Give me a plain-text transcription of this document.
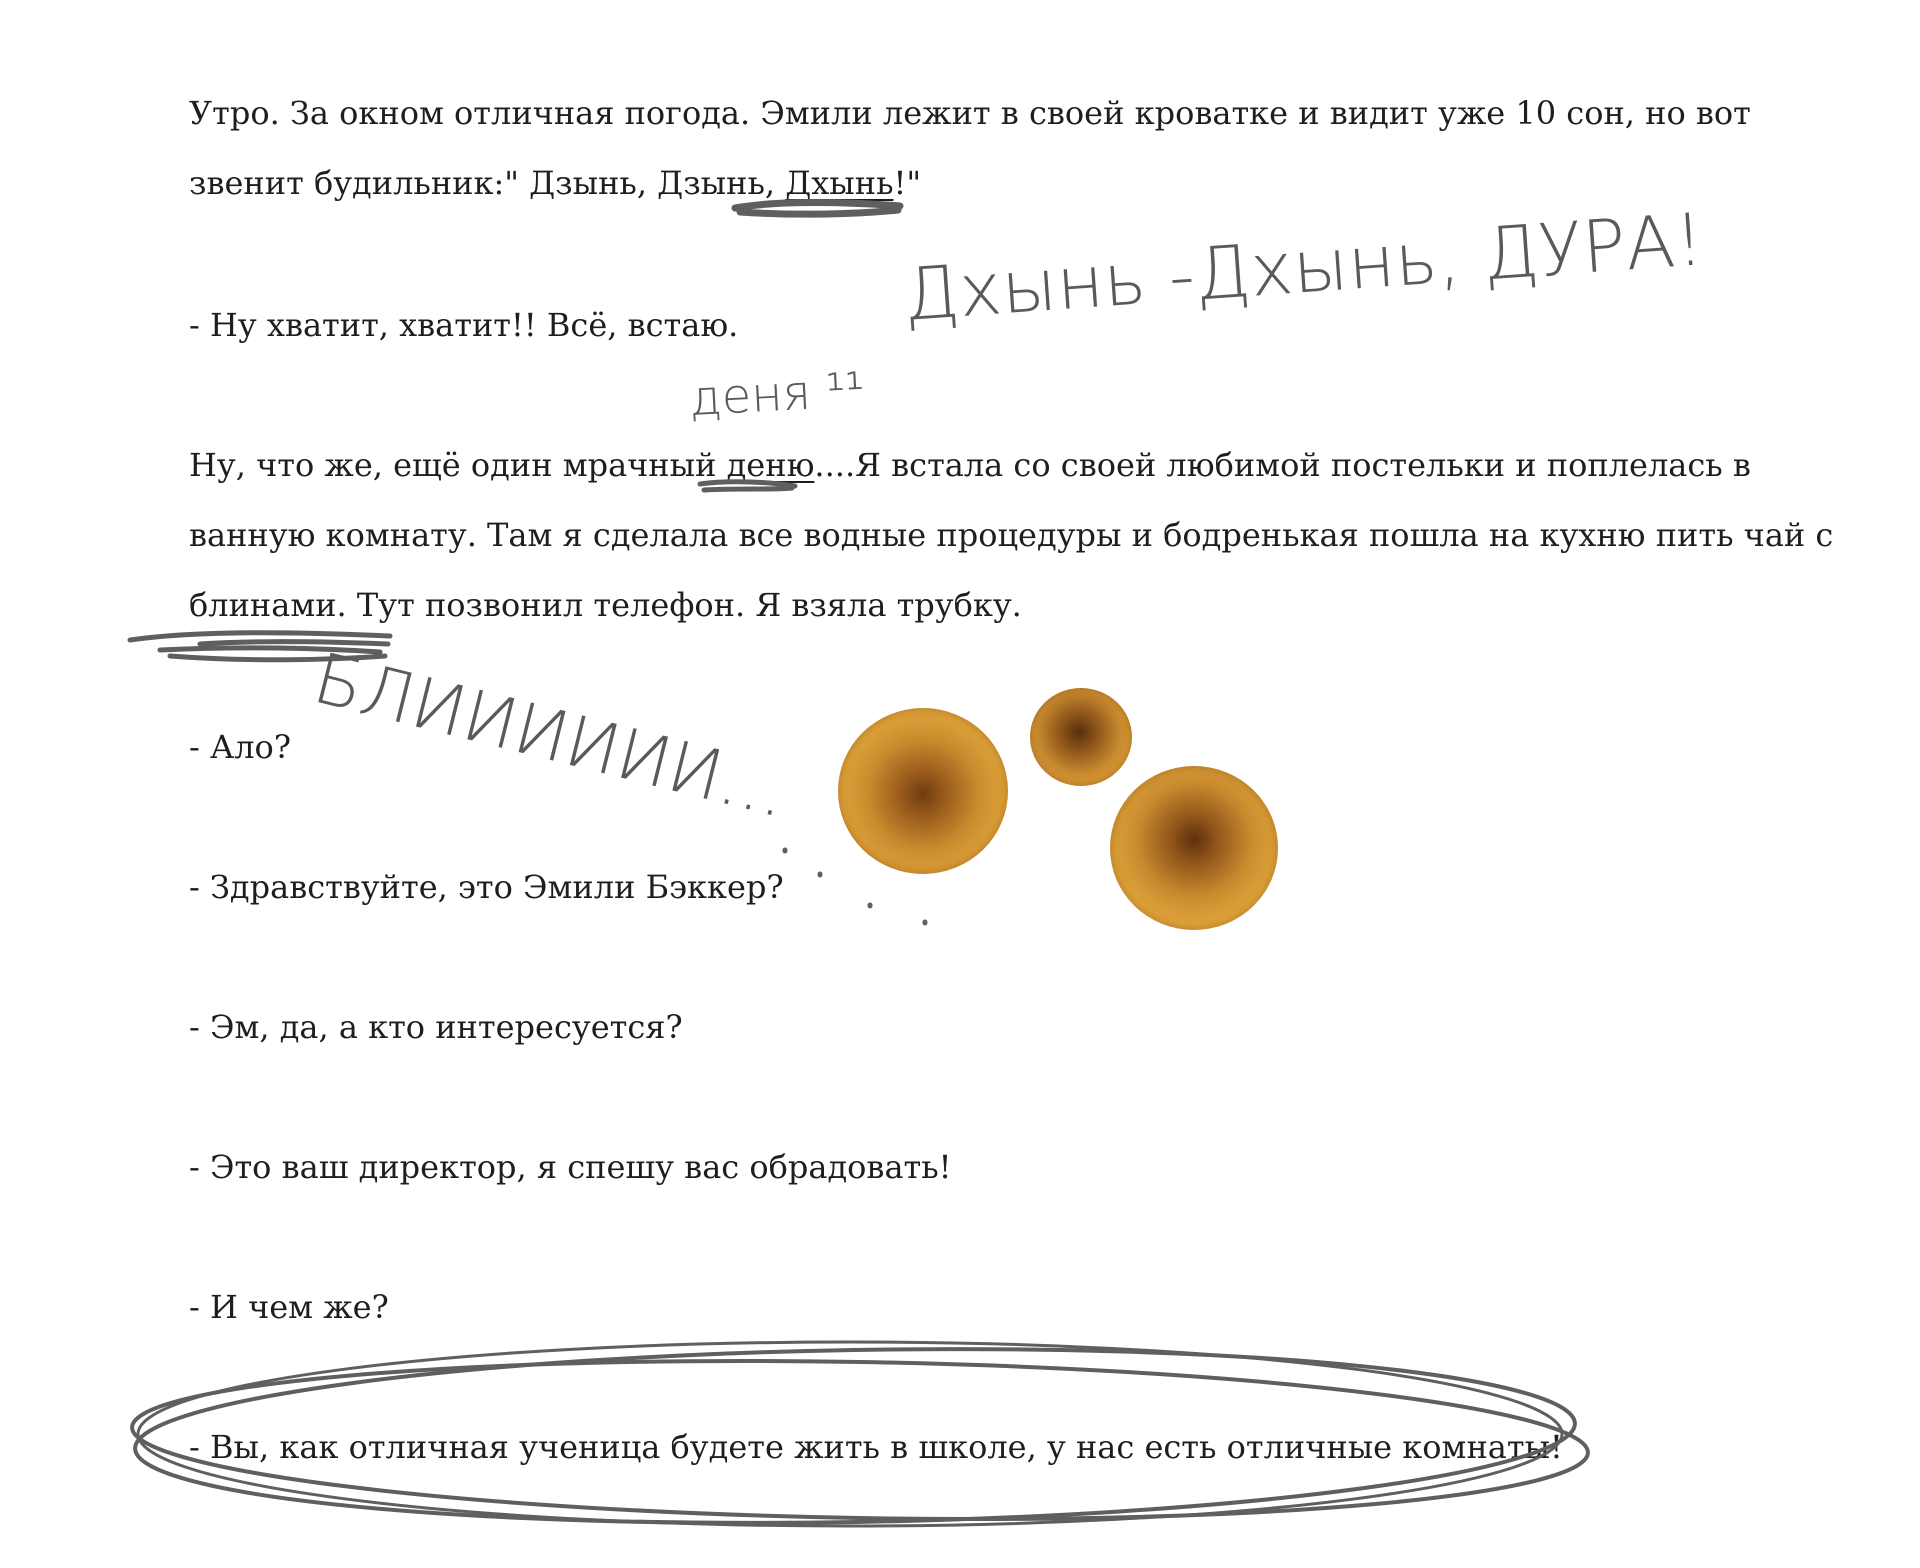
Утро. За окном отличная погода. Эмили лежит в своей кроватке и видит уже 10 сон, но вот

звенит будильник:" Дзынь, Дзынь, Дхынь!"

- Ну хватит, хватит!! Всё, встаю.

Ну, что же, ещё один мрачный деню....Я встала со своей любимой постельки и поплелась в

ванную комнату. Там я сделала все водные процедуры и бодренькая пошла на кухню пить чай с

блинами. Тут позвонил телефон. Я взяла трубку.

- Ало?

- Здравствуйте, это Эмили Бэккер?

- Эм, да, а кто интересуется?

- Это ваш директор, я спешу вас обрадовать!

- И чем же?

- Вы, как отличная ученица будете жить в школе, у нас есть отличные комнаты!

Дхынь -Дхынь, ДУРА!
деня ¹¹
БЛИИИИИИ...
